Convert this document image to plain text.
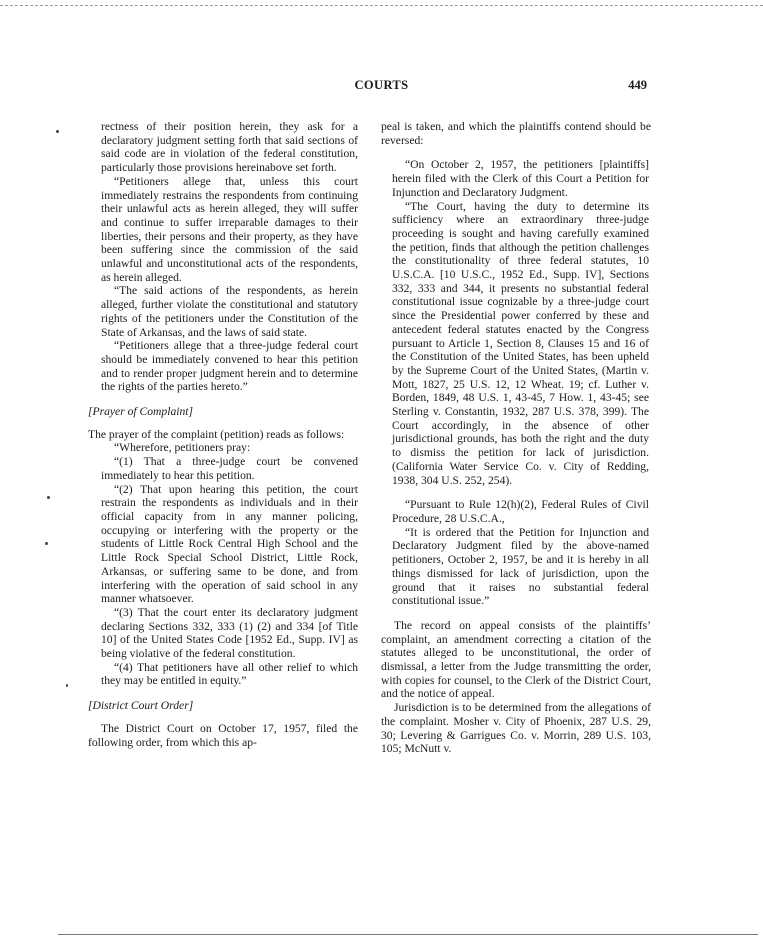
COURTS	449

rectness of their position herein, they ask for a declaratory judgment setting forth that said sections of said code are in violation of the federal constitution, particularly those provisions hereinabove set forth.

“Petitioners allege that, unless this court immediately restrains the respondents from continuing their unlawful acts as herein alleged, they will suffer and continue to suffer irreparable damages to their liberties, their persons and their property, as they have been suffering since the commission of the said unlawful and unconstitutional acts of the respondents, as herein alleged.

“The said actions of the respondents, as herein alleged, further violate the constitutional and statutory rights of the petitioners under the Constitution of the State of Arkansas, and the laws of said state.

“Petitioners allege that a three-judge federal court should be immediately convened to hear this petition and to render proper judgment herein and to determine the rights of the parties hereto.”

[Prayer of Complaint]

The prayer of the complaint (petition) reads as follows:

“Wherefore, petitioners pray:

“(1) That a three-judge court be convened immediately to hear this petition.

“(2) That upon hearing this petition, the court restrain the respondents as individuals and in their official capacity from in any manner policing, occupying or interfering with the property or the students of Little Rock Central High School and the Little Rock Special School District, Little Rock, Arkansas, or suffering same to be done, and from interfering with the operation of said school in any manner whatsoever.

“(3) That the court enter its declaratory judgment declaring Sections 332, 333 (1) (2) and 334 [of Title 10] of the United States Code [1952 Ed., Supp. IV] as being violative of the federal constitution.

“(4) That petitioners have all other relief to which they may be entitled in equity.”

[District Court Order]

The District Court on October 17, 1957, filed the following order, from which this ap-

peal is taken, and which the plaintiffs contend should be reversed:

“On October 2, 1957, the petitioners [plaintiffs] herein filed with the Clerk of this Court a Petition for Injunction and Declaratory Judgment.

“The Court, having the duty to determine its sufficiency where an extraordinary three-judge proceeding is sought and having carefully examined the petition, finds that although the petition challenges the constitutionality of three federal statutes, 10 U.S.C.A. [10 U.S.C., 1952 Ed., Supp. IV], Sections 332, 333 and 344, it presents no substantial federal constitutional issue cognizable by a three-judge court since the Presidential power conferred by these and antecedent federal statutes enacted by the Congress pursuant to Article 1, Section 8, Clauses 15 and 16 of the Constitution of the United States, has been upheld by the Supreme Court of the United States, (Martin v. Mott, 1827, 25 U.S. 12, 12 Wheat. 19; cf. Luther v. Borden, 1849, 48 U.S. 1, 43-45, 7 How. 1, 43-45; see Sterling v. Constantin, 1932, 287 U.S. 378, 399). The Court accordingly, in the absence of other jurisdictional grounds, has both the right and the duty to dismiss the petition for lack of jurisdiction. (California Water Service Co. v. City of Redding, 1938, 304 U.S. 252, 254).

“Pursuant to Rule 12(h)(2), Federal Rules of Civil Procedure, 28 U.S.C.A.,

“It is ordered that the Petition for Injunction and Declaratory Judgment filed by the above-named petitioners, October 2, 1957, be and it is hereby in all things dismissed for lack of jurisdiction, upon the ground that it raises no substantial federal constitutional issue.”

The record on appeal consists of the plaintiffs’ complaint, an amendment correcting a citation of the statutes alleged to be unconstitutional, the order of dismissal, a letter from the Judge transmitting the order, with copies for counsel, to the Clerk of the District Court, and the notice of appeal.

Jurisdiction is to be determined from the allegations of the complaint. Mosher v. City of Phoenix, 287 U.S. 29, 30; Levering & Garrigues Co. v. Morrin, 289 U.S. 103, 105; McNutt v.
